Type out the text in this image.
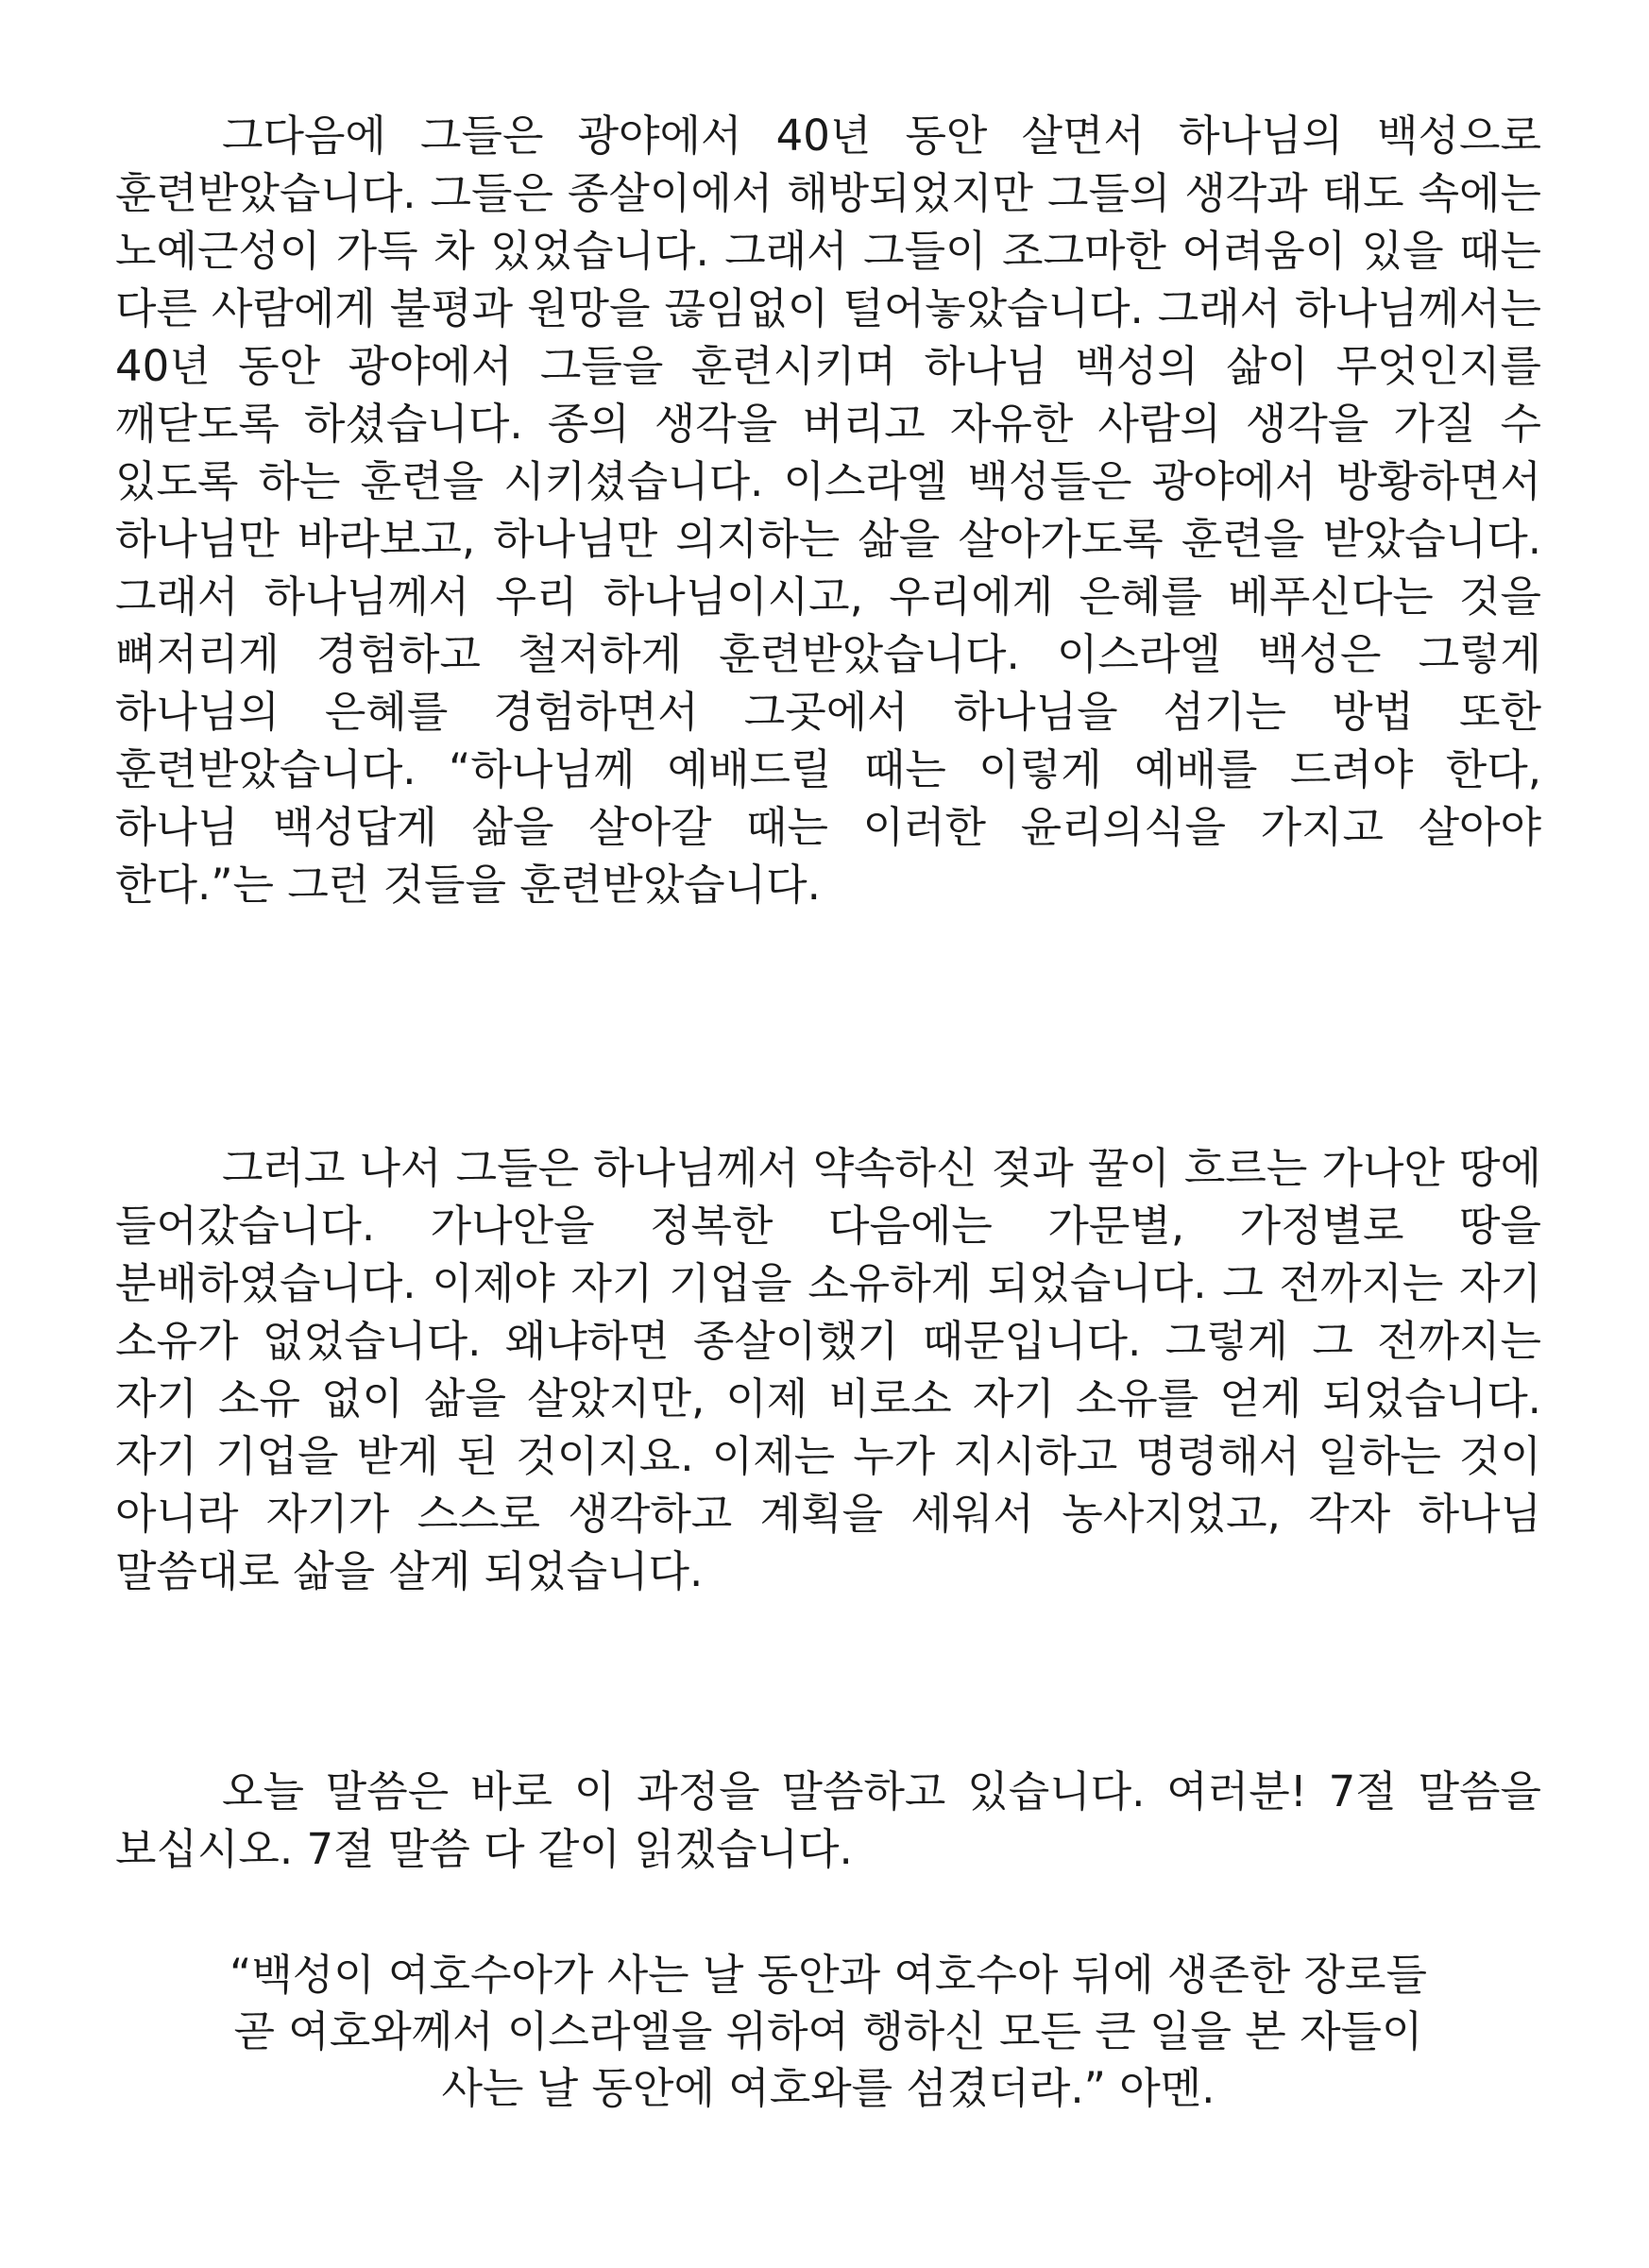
그다음에 그들은 광야에서 40년 동안 살면서 하나님의 백성으로 훈련받았습니다. 그들은 종살이에서 해방되었지만 그들의 생각과 태도 속에는 노예근성이 가득 차 있었습니다. 그래서 그들이 조그마한 어려움이 있을 때는 다른 사람에게 불평과 원망을 끊임없이 털어놓았습니다. 그래서 하나님께서는 40년 동안 광야에서 그들을 훈련시키며 하나님 백성의 삶이 무엇인지를 깨닫도록 하셨습니다. 종의 생각을 버리고 자유한 사람의 생각을 가질 수 있도록 하는 훈련을 시키셨습니다. 이스라엘 백성들은 광야에서 방황하면서 하나님만 바라보고, 하나님만 의지하는 삶을 살아가도록 훈련을 받았습니다. 그래서 하나님께서 우리 하나님이시고, 우리에게 은혜를 베푸신다는 것을 뼈저리게 경험하고 철저하게 훈련받았습니다. 이스라엘 백성은 그렇게 하나님의 은혜를 경험하면서 그곳에서 하나님을 섬기는 방법 또한 훈련받았습니다. “하나님께 예배드릴 때는 이렇게 예배를 드려야 한다, 하나님 백성답게 삶을 살아갈 때는 이러한 윤리의식을 가지고 살아야 한다.”는 그런 것들을 훈련받았습니다.

그러고 나서 그들은 하나님께서 약속하신 젖과 꿀이 흐르는 가나안 땅에 들어갔습니다. 가나안을 정복한 다음에는 가문별, 가정별로 땅을 분배하였습니다. 이제야 자기 기업을 소유하게 되었습니다. 그 전까지는 자기 소유가 없었습니다. 왜냐하면 종살이했기 때문입니다. 그렇게 그 전까지는 자기 소유 없이 삶을 살았지만, 이제 비로소 자기 소유를 얻게 되었습니다. 자기 기업을 받게 된 것이지요. 이제는 누가 지시하고 명령해서 일하는 것이 아니라 자기가 스스로 생각하고 계획을 세워서 농사지었고, 각자 하나님 말씀대로 삶을 살게 되었습니다.

오늘 말씀은 바로 이 과정을 말씀하고 있습니다. 여러분! 7절 말씀을 보십시오. 7절 말씀 다 같이 읽겠습니다.

“백성이 여호수아가 사는 날 동안과 여호수아 뒤에 생존한 장로들
곧 여호와께서 이스라엘을 위하여 행하신 모든 큰 일을 본 자들이
사는 날 동안에 여호와를 섬겼더라.” 아멘.
